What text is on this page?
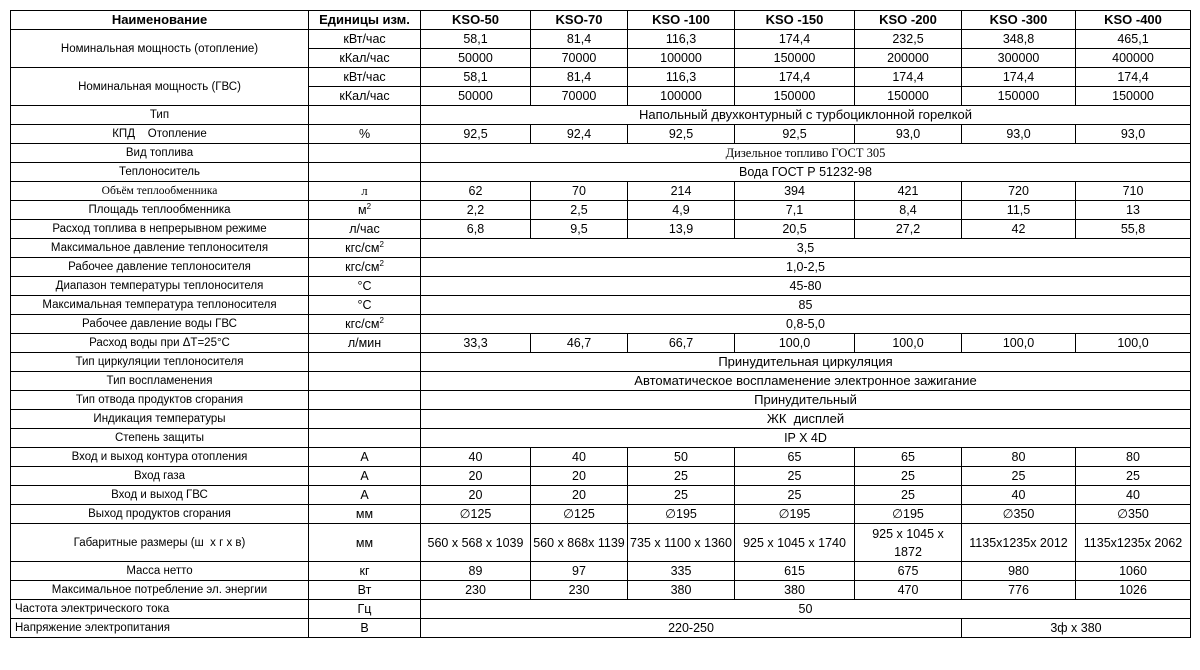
Наименование	Единицы изм.	KSO-50	KSO-70	KSO -100	KSO -150	KSO -200	KSO -300	KSO -400
Номинальная мощность (отопление)	кВт/час	58,1	81,4	116,3	174,4	232,5	348,8	465,1
	кКал/час	50000	70000	100000	150000	200000	300000	400000
Номинальная мощность (ГВС)	кВт/час	58,1	81,4	116,3	174,4	174,4	174,4	174,4
	кКал/час	50000	70000	100000	150000	150000	150000	150000
Тип		Напольный двухконтурный с турбоциклонной горелкой						
КПД    Отопление	%	92,5	92,4	92,5	92,5	93,0	93,0	93,0
Вид топлива		Дизельное топливо ГОСТ 305						
Теплоноситель		Вода ГОСТ Р 51232-98						
Объём теплообменника	л	62	70	214	394	421	720	710
Площадь теплообменника	$м^2$	2,2	2,5	4,9	7,1	8,4	11,5	13
Расход топлива в непрерывном режиме	л/час	6,8	9,5	13,9	20,5	27,2	42	55,8
Максимальное давление теплоносителя	кгс/$см^2$	3,5						
Рабочее давление теплоносителя	кгс/$см^2$	1,0-2,5						
Диапазон температуры теплоносителя	°С	45-80						
Максимальная температура теплоносителя	°С	85						
Рабочее давление воды ГВС	кгс/$см^2$	0,8-5,0						
Расход воды при ΔТ=25°С	л/мин	33,3	46,7	66,7	100,0	100,0	100,0	100,0
Тип циркуляции теплоносителя		Принудительная циркуляция						
Тип воспламенения		Автоматическое воспламенение электронное зажигание						
Тип отвода продуктов сгорания		Принудительный						
Индикация температуры		ЖК  дисплей						
Степень защиты		IP X 4D						
Вход и выход контура отопления	A	40	40	50	65	65	80	80
Вход газа	A	20	20	25	25	25	25	25
Вход и выход ГВС	A	20	20	25	25	25	40	40
Выход продуктов сгорания	мм	∅125	∅125	∅195	∅195	∅195	∅350	∅350
Габаритные размеры (ш  х г х в)	мм	560 х 568 х 1039	560 х 868х 1139	735 х 1100 х 1360	925 х 1045 х 1740	925 х 1045 х 1872	1135х1235х 2012	1135х1235х 2062
Масса нетто	кг	89	97	335	615	675	980	1060
Максимальное потребление эл. энергии	Вт	230	230	380	380	470	776	1026
Частота электрического тока	Гц	50						
Напряжение электропитания	В	220-250					3ф х 380	
